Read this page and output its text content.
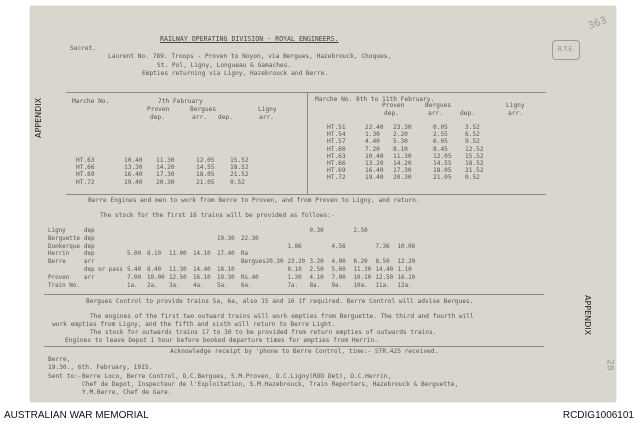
363
R.T.E.
RAILWAY OPERATING DIVISION - ROYAL ENGINEERS.
Secret.
Laurent No. 789. Troops - Proven to Noyon, via Bergues, Hazebrouck, Choques,
St. Pol, Ligny, Longueau & Gamaches.
Empties returning via Ligny, Hazebrouck and Berre.
APPENDIX
APPENDIX
28
Marche No.	7th February
Proven	Bergues	Ligny
dep.	arr. dep.	arr.
HT.63	10.40	11.30	12.05	15.52
HT.66	13.30	14.20	14.55	18.52
HT.69	16.40	17.30	18.05	21.52
HT.72	19.40	20.30	21.05	0.52
Marche No. 8th to 11th February.
Proven	Bergues	Ligny
dep.	arr.	dep.	arr.
HT.51	22.40	23.30	0.05	3.52
HT.54	1.30	2.20	2.55	6.52
HT.57	4.40	5.30	6.05	9.52
HT.60	7.20	8.10	8.45	12.52
HT.63	10.40	11.30	12.05	15.52
HT.66	13.20	14.20	14.55	18.52
HT.69	16.40	17.30	18.05	21.52
HT.72	19.40	20.30	21.05	0.52
Berre Engines and men to work from Berre to Proven, and from Proven to Ligny, and return.
The stock for the first 16 trains will be provided as follows:-
Ligny	dep								0.30		2.50		
Berguette	dep					19.30	22.30						
Dunkerque	dep							1.86		4.56		7.36	10.06
Herrin	dep	5.00	8.10	11.00	14.10	17.40	Ra						
Berre	arr						Bergues20.30	23.20	3.20	4.00	6.20	8.50	12.20
	dep or pass	5.40	8.40	11.30	14.40	18.10		0.10	2.50	5.60	11.30	14.40	1.10
Proven	arr	7.00	10.00	12.50	16.10	19.30	Rs.40	1.30	4.10	7.00	10.10	12.50	16.10
Train No.		1a.	2a.	3a.	4a.	5a.	6a.	7a.	8a.	9a.	10a.	11a.	12a.
Bergues Control to provide trains 5a, 6a, also 15 and 16 if required. Berre Control will advise Bergues.
The engines of the first two outward trains will work empties from Berguette. The third and fourth will
work empties from Ligny, and the fifth and sixth will return to Berre Light.
The stock for outwards trains 17 to 30 to be provided from return empties of outwards trains.
Engines to leave Depot 1 hour before booked departure times for empties from Herrin.
Acknowledge receipt by 'phone to Berre Control, time:- STR.425 received.
Berre,
19.30., 6th. February, 1915.
Sent to:- Berre Loco, Berre Control, O.C.Bergues, S.M.Proven, O.C.Ligny(ROD Det), O.C.Herrin,
Chef de Depot, Inspecteur de l'Exploitation, S.M.Hazebrouck, Train Reporters, Hazebrouck & Berguette,
Y.M.Berre, Chef de Gare.
AUSTRALIAN WAR MEMORIAL	RCDIG1006101
